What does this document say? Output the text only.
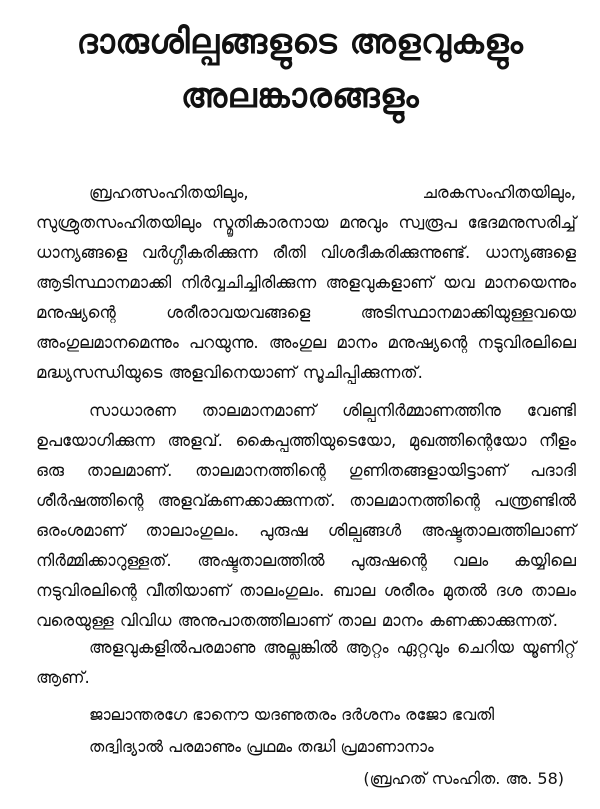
ദാരുശില്പങ്ങളുടെ അളവുകളും
അലങ്കാരങ്ങളും

ബ്രഹത്സംഹിതയിലും, ചരകസംഹിതയിലും, സുശ്രുതസംഹിതയിലും സ്മൃതികാരനായ മനുവും സ്വരൂപ ഭേദമനുസരിച്ച് ധാന്യങ്ങളെ വർഗ്ഗീകരിക്കുന്ന രീതി വിശദീകരിക്കുന്നുണ്ട്. ധാന്യങ്ങളെ ആടിസ്ഥാനമാക്കി നിർവ്വചിച്ചിരിക്കുന്ന അളവുകളാണ് യവ മാനയെന്നും മനുഷ്യന്റെ ശരീരാവയവങ്ങളെ അടിസ്ഥാനമാക്കിയുള്ളവയെ അംഗുലമാനമെന്നും പറയുന്നു. അംഗുല മാനം മനുഷ്യന്റെ നടുവിരലിലെ മദ്ധ്യസന്ധിയുടെ അളവിനെയാണ് സൂചിപ്പിക്കുന്നത്.

സാധാരണ താലമാനമാണ് ശില്പനിർമ്മാണത്തിനു വേണ്ടി ഉപയോഗിക്കുന്ന അളവ്. കൈപ്പത്തിയുടെയോ, മുഖത്തിന്റെയോ നീളം ഒരു താലമാണ്. താലമാനത്തിന്റെ ഗുണിതങ്ങളായിട്ടാണ് പദാദി ശീർഷത്തിന്റെ അളവ്കണക്കാക്കുന്നത്. താലമാനത്തിന്റെ പന്ത്രണ്ടിൽ ഒരംശമാണ് താലാംഗുലം. പുരുഷ ശില്പങ്ങൾ അഷ്ടതാലത്തിലാണ് നിർമ്മിക്കാറുള്ളത്. അഷ്ടതാലത്തിൽ പുരുഷന്റെ വലം കയ്യിലെ നടുവിരലിന്റെ വീതിയാണ് താലംഗുലം. ബാല ശരീരം മുതൽ ദശ താലം വരെയുള്ള വിവിധ അനുപാതത്തിലാണ് താല മാനം കണക്കാക്കുന്നത്.

അളവുകളിൽപരമാണു അല്ലങ്കിൽ ആറ്റം ഏറ്റവും ചെറിയ യൂണിറ്റ് ആണ്.

ജാലാന്തരഗേ ഭാനൌ യദണുതരം ദർശനം രജോ ഭവതി
തദ്വിദ്യാൽ പരമാണും പ്രഥമം തദ്ധി പ്രമാണാനാം
(ബ്രഹത് സംഹിത. അ. 58)
